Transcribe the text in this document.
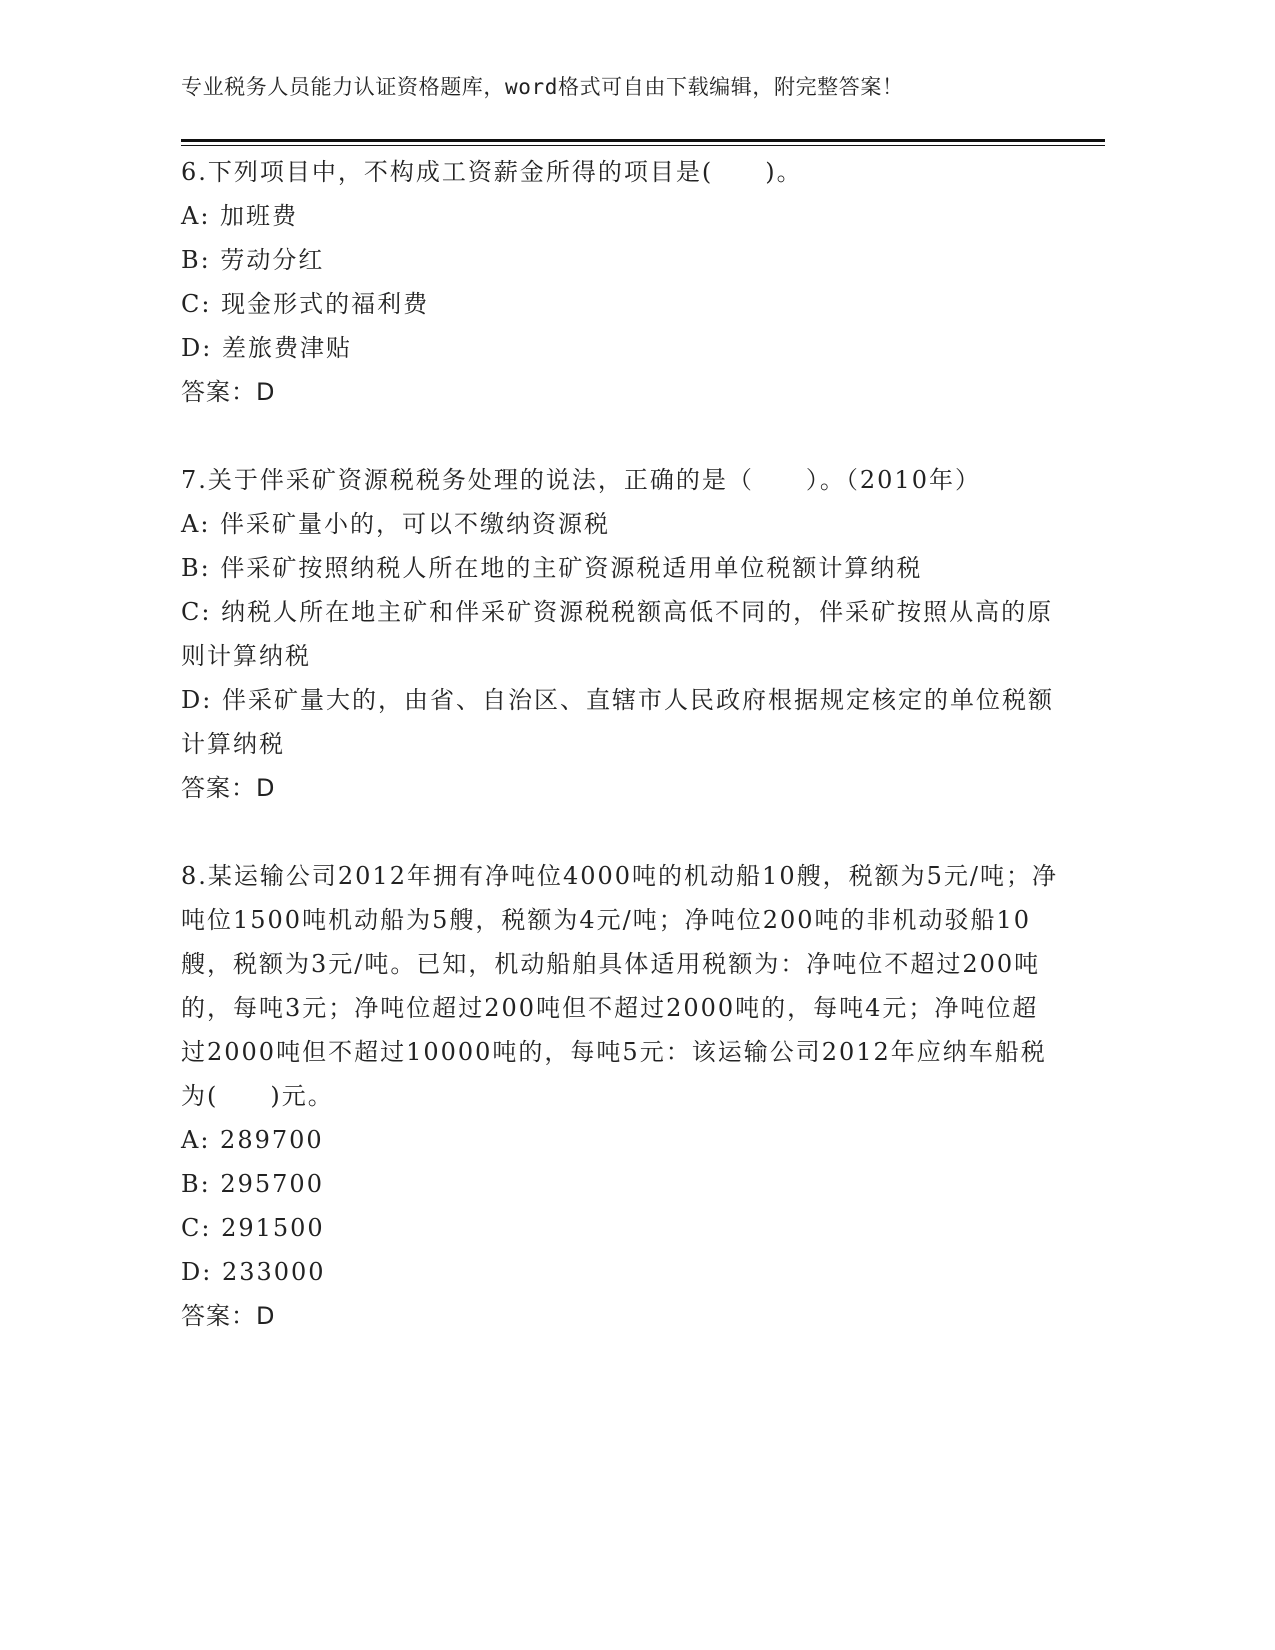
专业税务人员能力认证资格题库，word格式可自由下载编辑，附完整答案！

6.下列项目中，不构成工资薪金所得的项目是(　　)。

A: 加班费

B: 劳动分红

C: 现金形式的福利费

D: 差旅费津贴

答案：D

7.关于伴采矿资源税税务处理的说法，正确的是（　　）。（2010年）

A: 伴采矿量小的，可以不缴纳资源税

B: 伴采矿按照纳税人所在地的主矿资源税适用单位税额计算纳税

C: 纳税人所在地主矿和伴采矿资源税税额高低不同的，伴采矿按照从高的原则计算纳税

D: 伴采矿量大的，由省、自治区、直辖市人民政府根据规定核定的单位税额计算纳税

答案：D

8.某运输公司2012年拥有净吨位4000吨的机动船10艘，税额为5元/吨；净吨位1500吨机动船为5艘，税额为4元/吨；净吨位200吨的非机动驳船10艘，税额为3元/吨。已知，机动船舶具体适用税额为：净吨位不超过200吨的，每吨3元；净吨位超过200吨但不超过2000吨的，每吨4元；净吨位超过2000吨但不超过10000吨的，每吨5元：该运输公司2012年应纳车船税为(　　)元。

A: 289700

B: 295700

C: 291500

D: 233000

答案：D
